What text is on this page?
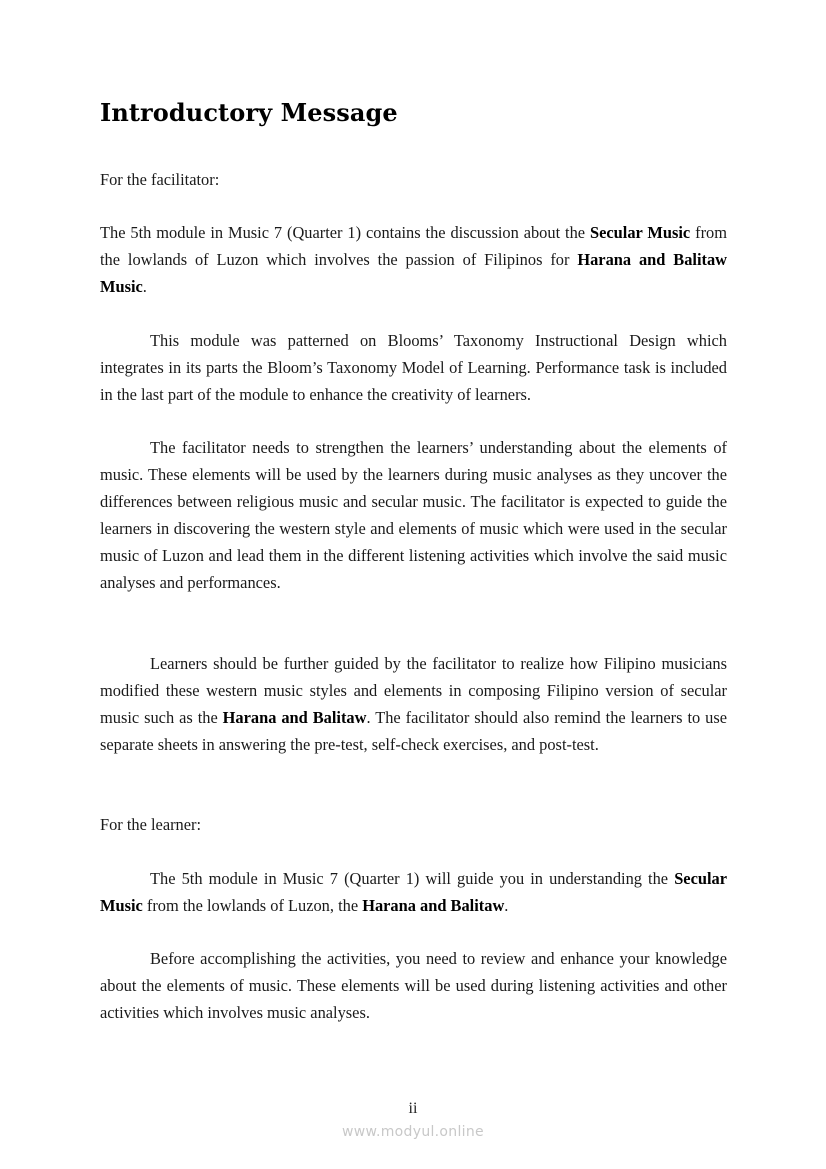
Introductory Message

For the facilitator:

The 5th module in Music 7 (Quarter 1) contains the discussion about the Secular Music from the lowlands of Luzon which involves the passion of Filipinos for Harana and Balitaw Music.

This module was patterned on Blooms’ Taxonomy Instructional Design which integrates in its parts the Bloom’s Taxonomy Model of Learning. Performance task is included in the last part of the module to enhance the creativity of learners.

The facilitator needs to strengthen the learners’ understanding about the elements of music. These elements will be used by the learners during music analyses as they uncover the differences between religious music and secular music. The facilitator is expected to guide the learners in discovering the western style and elements of music which were used in the secular music of Luzon and lead them in the different listening activities which involve the said music analyses and performances.

Learners should be further guided by the facilitator to realize how Filipino musicians modified these western music styles and elements in composing Filipino version of secular music such as the Harana and Balitaw. The facilitator should also remind the learners to use separate sheets in answering the pre-test, self-check exercises, and post-test.

For the learner:

The 5th module in Music 7 (Quarter 1) will guide you in understanding the Secular Music from the lowlands of Luzon, the Harana and Balitaw.

Before accomplishing the activities, you need to review and enhance your knowledge about the elements of music. These elements will be used during listening activities and other activities which involves music analyses.

ii
www.modyul.online
